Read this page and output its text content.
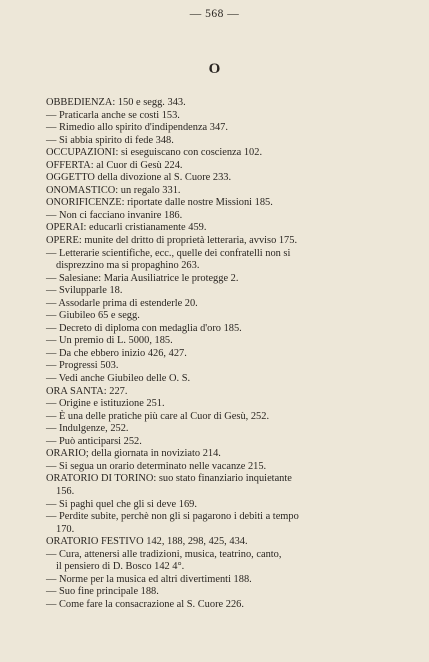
— 568 —
O
OBBEDIENZA: 150 e segg. 343.
— Praticarla anche se costi 153.
— Rimedio allo spirito d'indipendenza 347.
— Si abbia spirito di fede 348.
OCCUPAZIONI: si eseguiscano con coscienza 102.
OFFERTA: al Cuor di Gesù 224.
OGGETTO della divozione al S. Cuore 233.
ONOMASTICO: un regalo 331.
ONORIFICENZE: riportate dalle nostre Missioni 185.
— Non ci facciano invanire 186.
OPERAI: educarli cristianamente 459.
OPERE: munite del dritto di proprietà letteraria, avviso 175.
— Letterarie scientifiche, ecc., quelle dei confratelli non si
disprezzino ma si propaghino 263.
— Salesiane: Maria Ausiliatrice le protegge 2.
— Svilupparle 18.
— Assodarle prima di estenderle 20.
— Giubileo 65 e segg.
— Decreto di diploma con medaglia d'oro 185.
— Un premio di L. 5000, 185.
— Da che ebbero inizio 426, 427.
— Progressi 503.
— Vedi anche Giubileo delle O. S.
ORA SANTA: 227.
— Origine e istituzione 251.
— È una delle pratiche più care al Cuor di Gesù, 252.
— Indulgenze, 252.
— Può anticiparsi 252.
ORARIO; della giornata in noviziato 214.
— Si segua un orario determinato nelle vacanze 215.
ORATORIO DI TORINO: suo stato finanziario inquietante
156.
— Si paghi quel che gli si deve 169.
— Perdite subite, perchè non gli si pagarono i debiti a tempo
170.
ORATORIO FESTIVO 142, 188, 298, 425, 434.
— Cura, attenersi alle tradizioni, musica, teatrino, canto,
il pensiero di D. Bosco 142 4°.
— Norme per la musica ed altri divertimenti 188.
— Suo fine principale 188.
— Come fare la consacrazione al S. Cuore 226.
